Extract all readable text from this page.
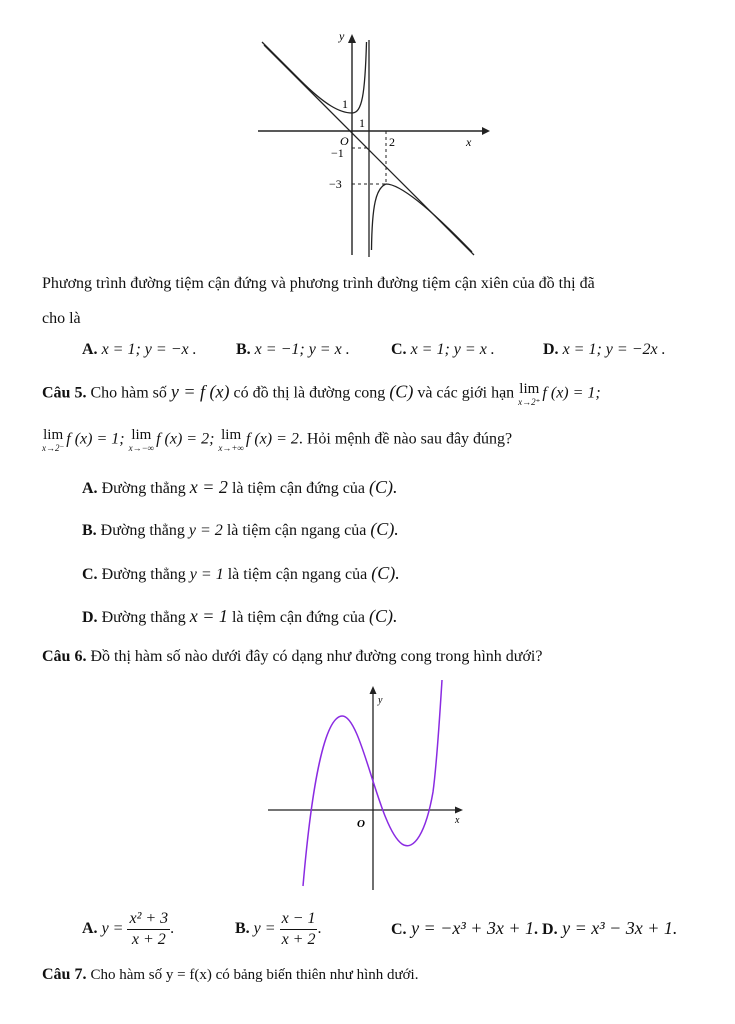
y
x
O
1
1
2
−1
−3
Phương trình đường tiệm cận đứng và phương trình đường tiệm cận xiên của đồ thị đã
cho là
A. x = 1; y = −x . B. x = −1; y = x .	C. x = 1; y = x .	D. x = 1; y = −2x .
Câu 5. Cho hàm số y = f (x) có đồ thị là đường cong (C) và các giới hạn lim
x→2⁺
f (x) = 1;
lim
x→2⁻
f (x) = 1; lim
x→−∞
f (x) = 2; lim
x→+∞
f (x) = 2. Hỏi mệnh đề nào sau đây đúng?
A. Đường thẳng x = 2 là tiệm cận đứng của (C).
B. Đường thẳng y = 2 là tiệm cận ngang của (C).
C. Đường thẳng y = 1 là tiệm cận ngang của (C).
D. Đường thẳng x = 1 là tiệm cận đứng của (C).
Câu 6. Đồ thị hàm số nào dưới đây có dạng như đường cong trong hình dưới?
y
x
O
A. $y = \frac{\text{x² + 3}}{x + 2}$ .	B. $y = \frac{x - 1}{x + 2}$ .	C. y = −x³ + 3x + 1. D. y = x³ − 3x + 1.
Câu 7. Cho hàm số y = f(x) có bảng biến thiên như hình dưới.
